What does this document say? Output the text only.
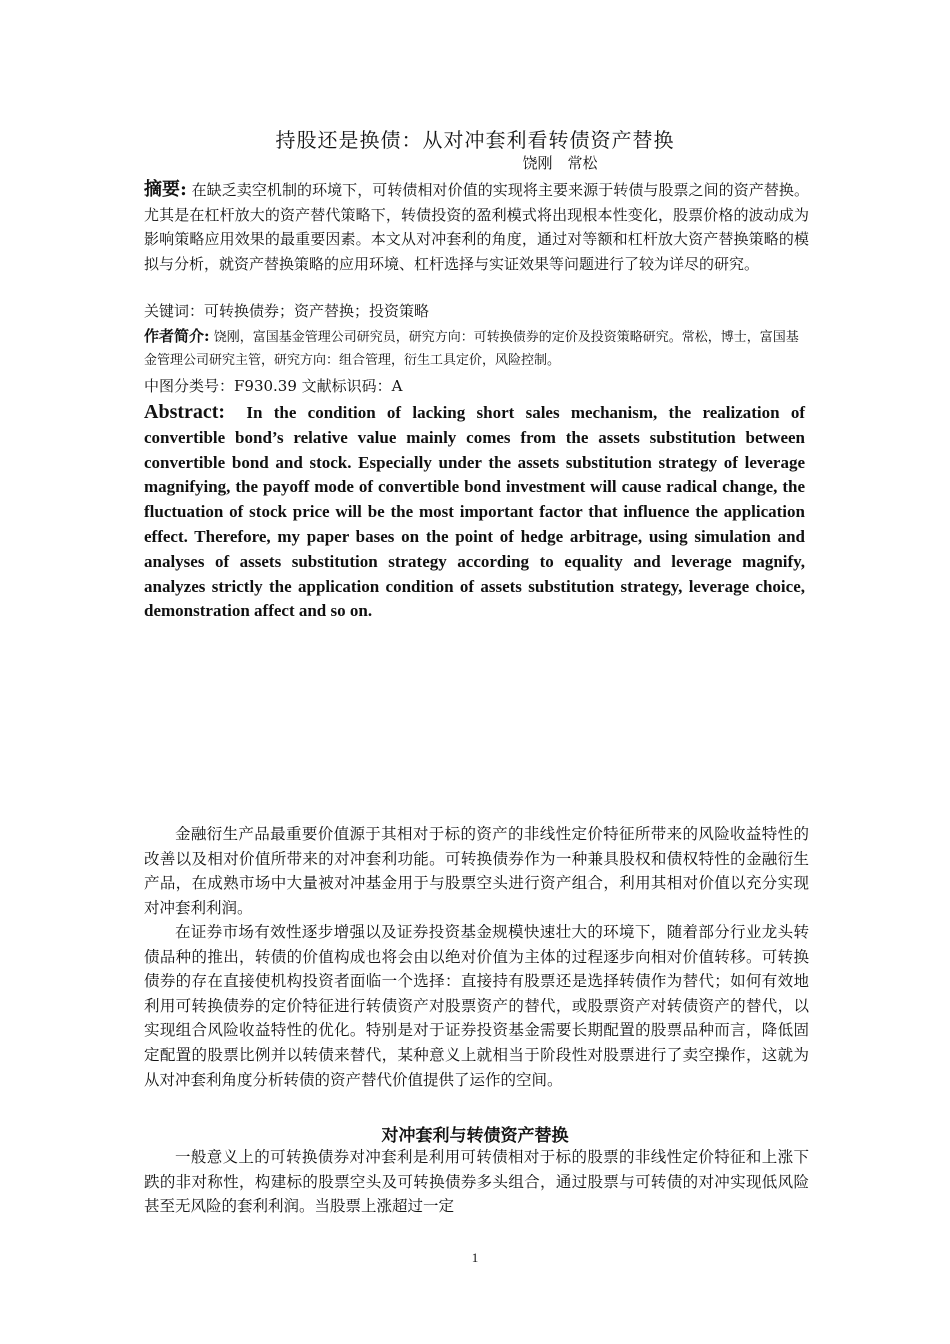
持股还是换债：从对冲套利看转债资产替换
饶刚　常松
摘要: 在缺乏卖空机制的环境下，可转债相对价值的实现将主要来源于转债与股票之间的资产替换。尤其是在杠杆放大的资产替代策略下，转债投资的盈利模式将出现根本性变化，股票价格的波动成为影响策略应用效果的最重要因素。本文从对冲套利的角度，通过对等额和杠杆放大资产替换策略的模拟与分析，就资产替换策略的应用环境、杠杆选择与实证效果等问题进行了较为详尽的研究。
关键词：可转换债券；资产替换；投资策略
作者简介: 饶刚，富国基金管理公司研究员，研究方向：可转换债券的定价及投资策略研究。常松，博士，富国基金管理公司研究主管，研究方向：组合管理，衍生工具定价，风险控制。
中图分类号：F930.39 文献标识码：A
Abstract: In the condition of lacking short sales mechanism, the realization of convertible bond’s relative value mainly comes from the assets substitution between convertible bond and stock. Especially under the assets substitution strategy of leverage magnifying, the payoff mode of convertible bond investment will cause radical change, the fluctuation of stock price will be the most important factor that influence the application effect. Therefore, my paper bases on the point of hedge arbitrage, using simulation and analyses of assets substitution strategy according to equality and leverage magnify, analyzes strictly the application condition of assets substitution strategy, leverage choice, demonstration affect and so on.

金融衍生产品最重要价值源于其相对于标的资产的非线性定价特征所带来的风险收益特性的改善以及相对价值所带来的对冲套利功能。可转换债券作为一种兼具股权和债权特性的金融衍生产品，在成熟市场中大量被对冲基金用于与股票空头进行资产组合，利用其相对价值以充分实现对冲套利利润。

在证券市场有效性逐步增强以及证券投资基金规模快速壮大的环境下，随着部分行业龙头转债品种的推出，转债的价值构成也将会由以绝对价值为主体的过程逐步向相对价值转移。可转换债券的存在直接使机构投资者面临一个选择：直接持有股票还是选择转债作为替代；如何有效地利用可转换债券的定价特征进行转债资产对股票资产的替代，或股票资产对转债资产的替代，以实现组合风险收益特性的优化。特别是对于证券投资基金需要长期配置的股票品种而言，降低固定配置的股票比例并以转债来替代，某种意义上就相当于阶段性对股票进行了卖空操作，这就为从对冲套利角度分析转债的资产替代价值提供了运作的空间。

对冲套利与转债资产替换

一般意义上的可转换债券对冲套利是利用可转债相对于标的股票的非线性定价特征和上涨下跌的非对称性，构建标的股票空头及可转换债券多头组合，通过股票与可转债的对冲实现低风险甚至无风险的套利利润。当股票上涨超过一定

1
